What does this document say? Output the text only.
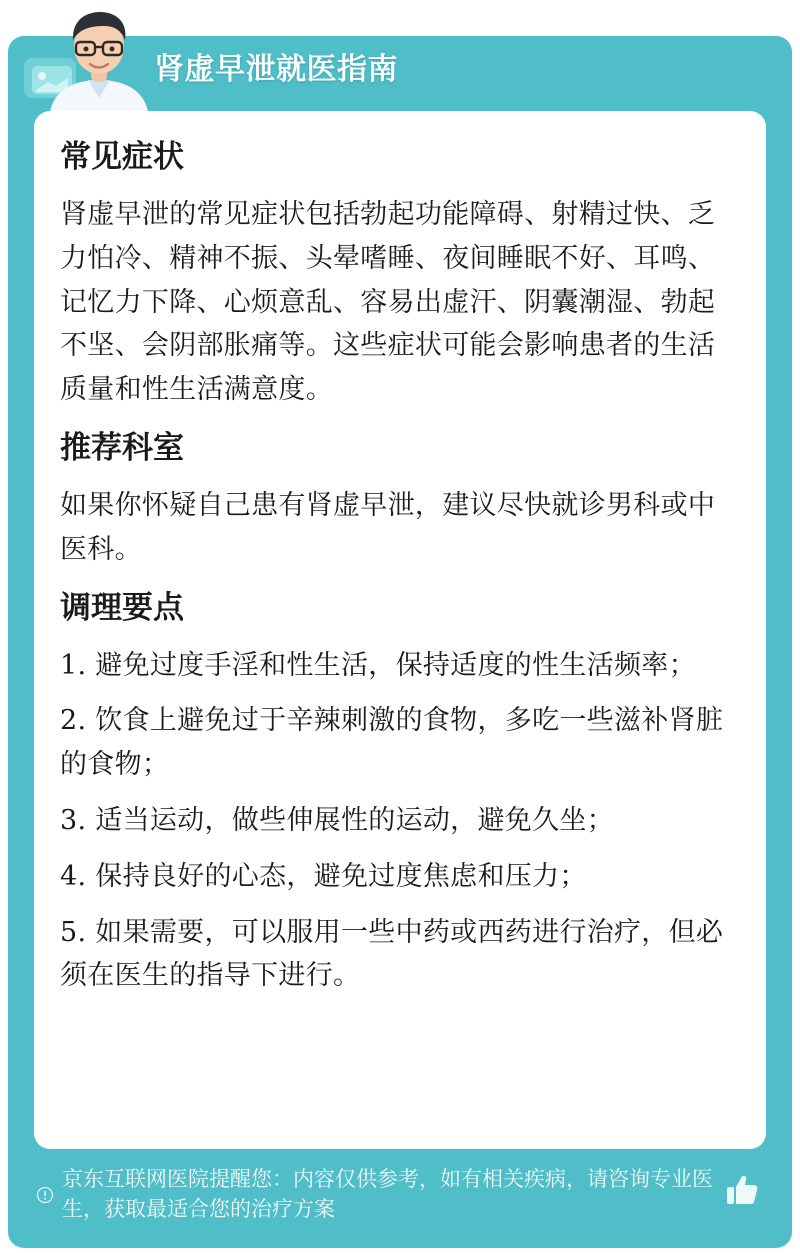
肾虚早泄就医指南
常见症状

肾虚早泄的常见症状包括勃起功能障碍、射精过快、乏力怕冷、精神不振、头晕嗜睡、夜间睡眠不好、耳鸣、记忆力下降、心烦意乱、容易出虚汗、阴囊潮湿、勃起不坚、会阴部胀痛等。这些症状可能会影响患者的生活质量和性生活满意度。

推荐科室

如果你怀疑自己患有肾虚早泄，建议尽快就诊男科或中医科。

调理要点
1. 避免过度手淫和性生活，保持适度的性生活频率；
2. 饮食上避免过于辛辣刺激的食物，多吃一些滋补肾脏的食物；
3. 适当运动，做些伸展性的运动，避免久坐；
4. 保持良好的心态，避免过度焦虑和压力；
5. 如果需要，可以服用一些中药或西药进行治疗，但必须在医生的指导下进行。
京东互联网医院提醒您：内容仅供参考，如有相关疾病，请咨询专业医生，获取最适合您的治疗方案
